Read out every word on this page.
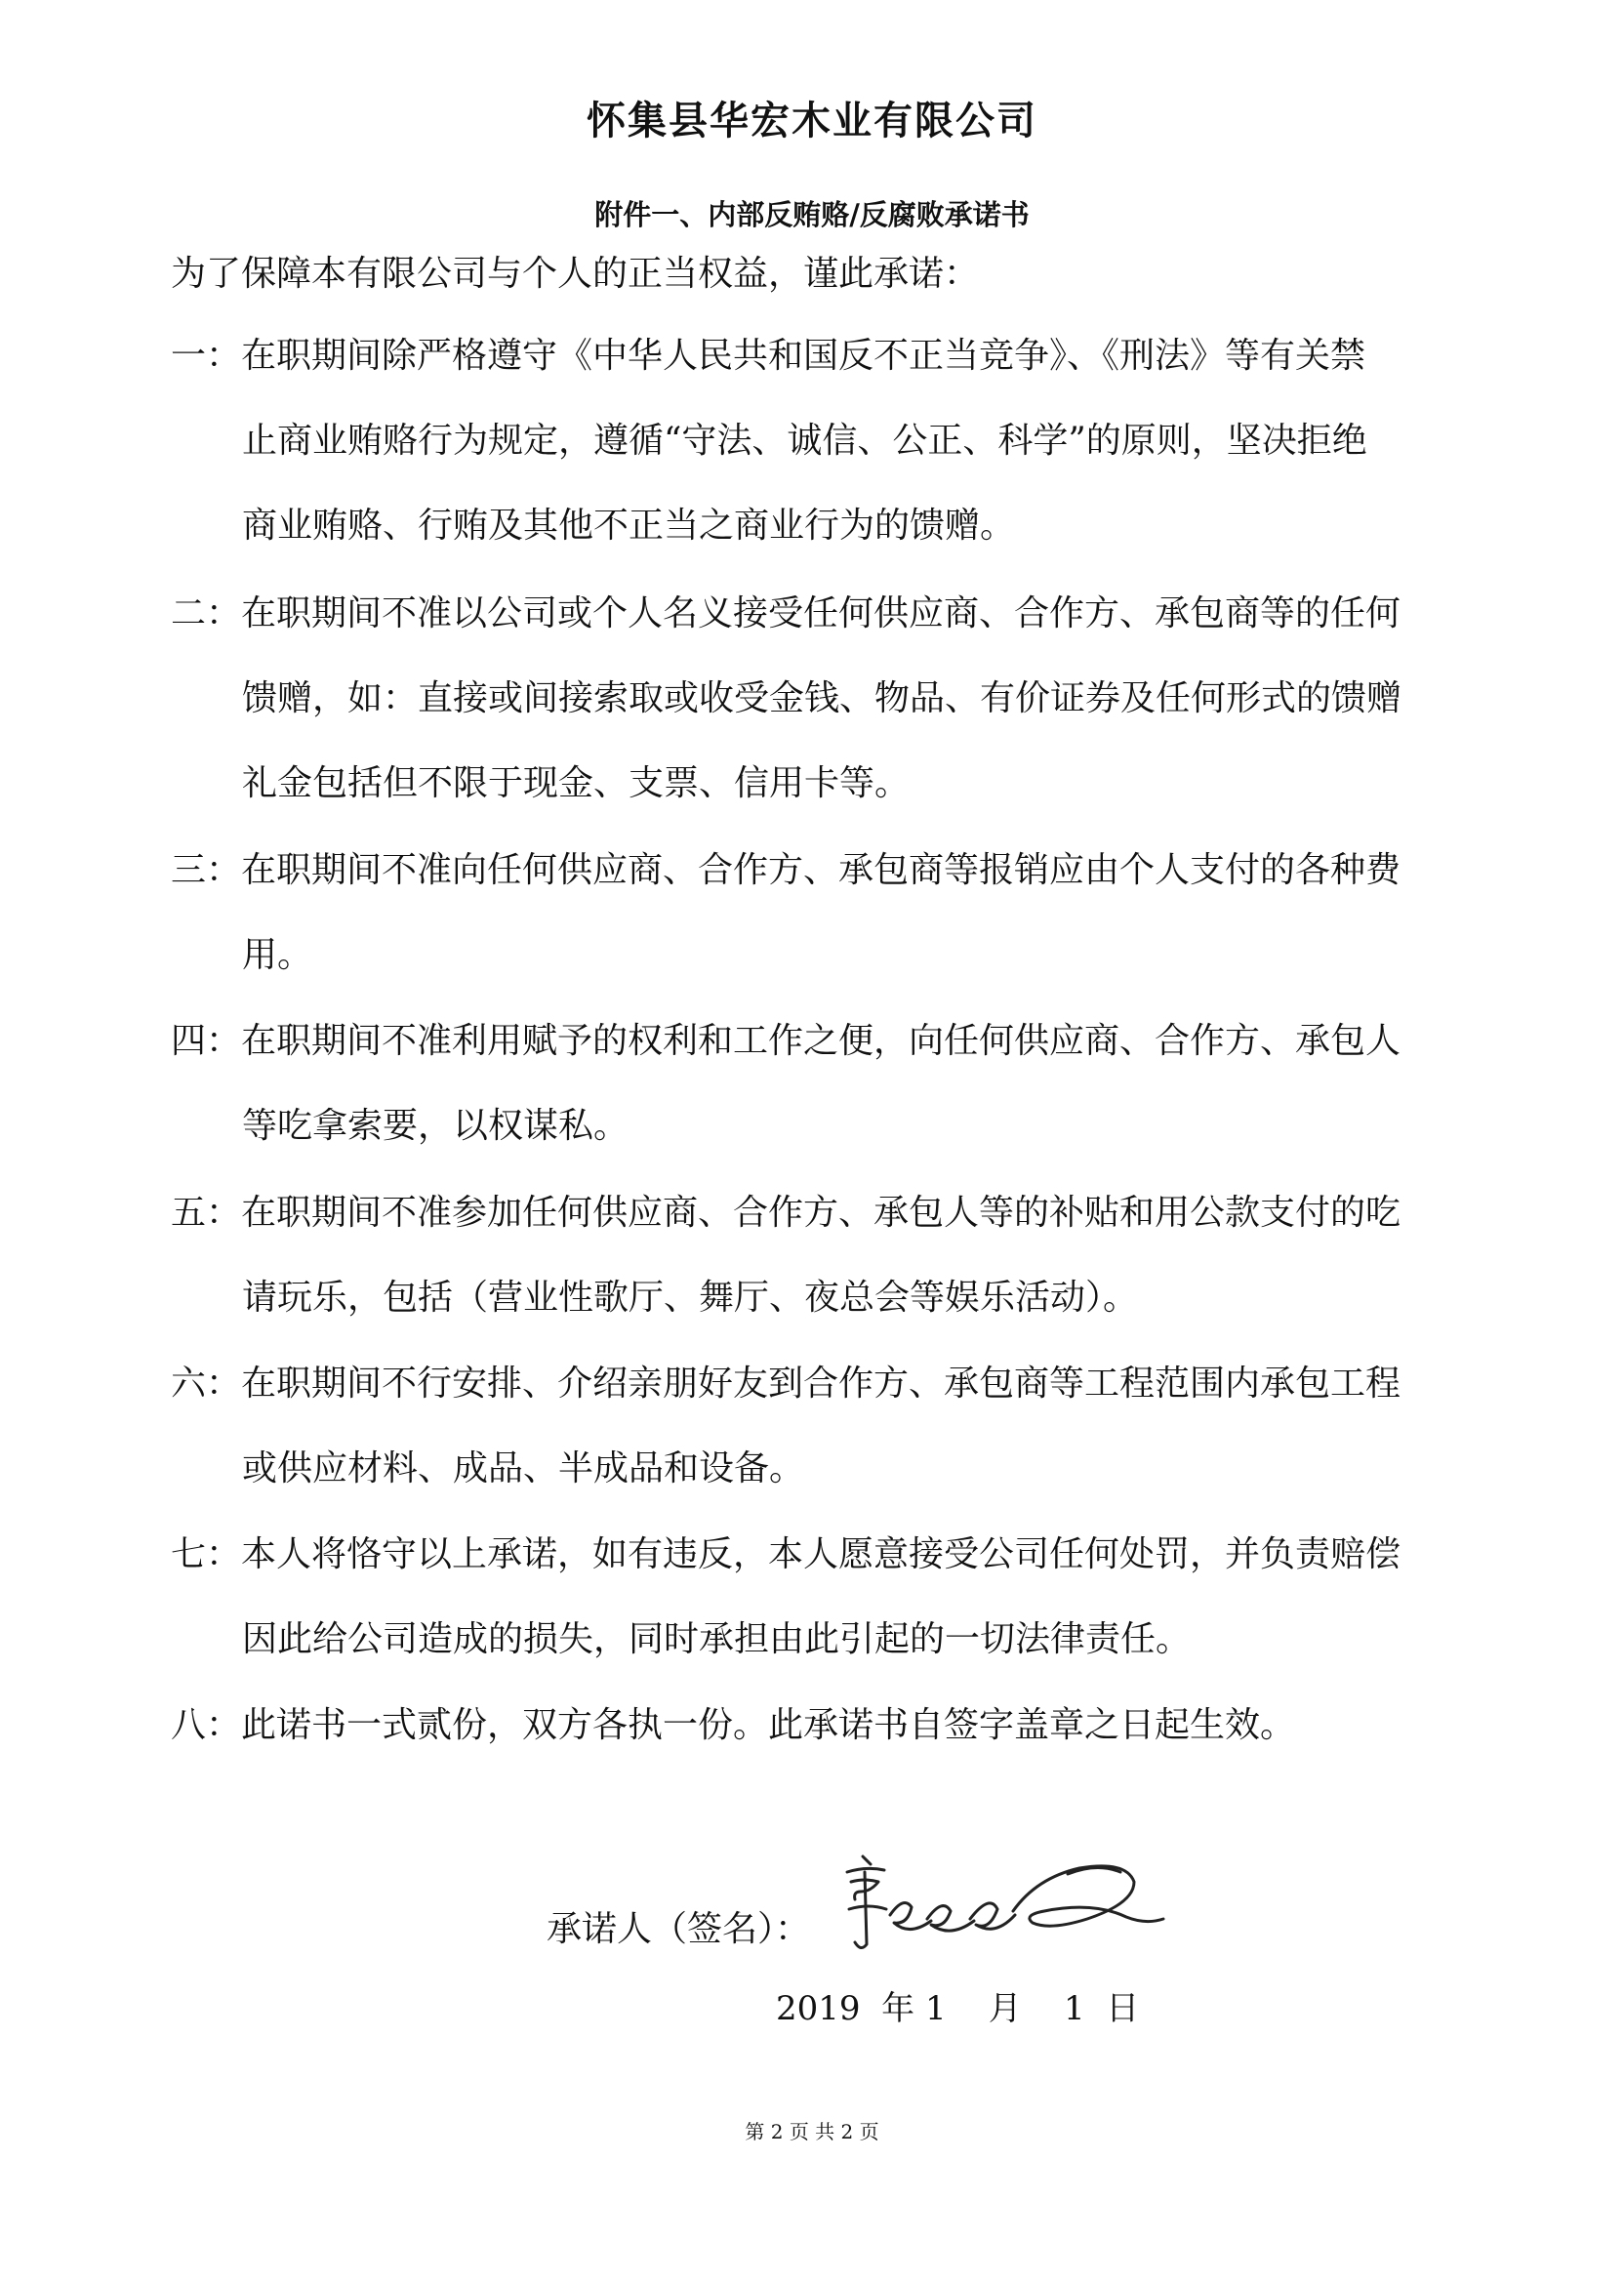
怀集县华宏木业有限公司
附件一、内部反贿赂/反腐败承诺书
为了保障本有限公司与个人的正当权益，谨此承诺：
一：在职期间除严格遵守《中华人民共和国反不正当竞争》、《刑法》等有关禁
止商业贿赂行为规定，遵循“守法、诚信、公正、科学”的原则，坚决拒绝
商业贿赂、行贿及其他不正当之商业行为的馈赠。
二：在职期间不准以公司或个人名义接受任何供应商、合作方、承包商等的任何
馈赠，如：直接或间接索取或收受金钱、物品、有价证券及任何形式的馈赠
礼金包括但不限于现金、支票、信用卡等。
三：在职期间不准向任何供应商、合作方、承包商等报销应由个人支付的各种费
用。
四：在职期间不准利用赋予的权利和工作之便，向任何供应商、合作方、承包人
等吃拿索要，以权谋私。
五：在职期间不准参加任何供应商、合作方、承包人等的补贴和用公款支付的吃
请玩乐，包括（营业性歌厅、舞厅、夜总会等娱乐活动）。
六：在职期间不行安排、介绍亲朋好友到合作方、承包商等工程范围内承包工程
或供应材料、成品、半成品和设备。
七：本人将恪守以上承诺，如有违反，本人愿意接受公司任何处罚，并负责赔偿
因此给公司造成的损失，同时承担由此引起的一切法律责任。
八：此诺书一式贰份，双方各执一份。此承诺书自签字盖章之日起生效。
承诺人（签名）：
2019  年 1    月    1  日
第 2 页 共 2 页
